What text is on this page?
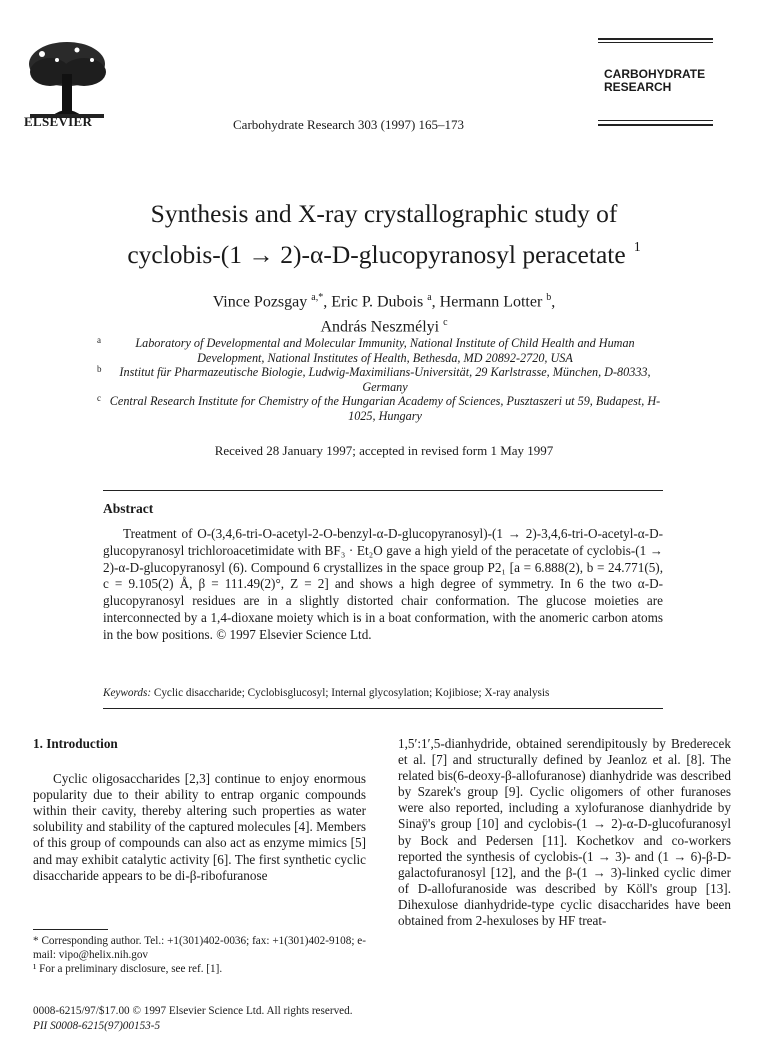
ELSEVIER	Carbohydrate Research 303 (1997) 165–173
CARBOHYDRATE
RESEARCH
Synthesis and X-ray crystallographic study of
cyclobis-(1 → 2)-α-D-glucopyranosyl peracetate $^1$
Vince Pozsgay $^{a,*}$, Eric P. Dubois $^a$, Hermann Lotter $^b$,
András Neszmélyi $^c$
a	Laboratory of Developmental and Molecular Immunity, National Institute of Child Health and Human Development, National Institutes of Health, Bethesda, MD 20892-2720, USA
b Institut für Pharmazeutische Biologie, Ludwig-Maximilians-Universität, 29 Karlstrasse, München, D-80333, Germany
c Central Research Institute for Chemistry of the Hungarian Academy of Sciences, Pusztaszeri ut 59, Budapest, H-1025, Hungary
Received 28 January 1997; accepted in revised form 1 May 1997
Abstract

Treatment of O-(3,4,6-tri-O-acetyl-2-O-benzyl-α-D-glucopyranosyl)-(1 → 2)-3,4,6-tri-O-acetyl-α-D-glucopyranosyl trichloroacetimidate with BF₃ · Et₂O gave a high yield of the peracetate of cyclobis-(1 → 2)-α-D-glucopyranosyl (6). Compound 6 crystallizes in the space group P2₁ [a = 6.888(2), b = 24.771(5), c = 9.105(2) Å, β = 111.49(2)°, Z = 2] and shows a high degree of symmetry. In 6 the two α-D-glucopyranosyl residues are in a slightly distorted chair conformation. The glucose moieties are interconnected by a 1,4-dioxane moiety which is in a boat conformation, with the anomeric carbon atoms in the bow positions. © 1997 Elsevier Science Ltd.

Keywords: Cyclic disaccharide; Cyclobisglucosyl; Internal glycosylation; Kojibiose; X-ray analysis

1. Introduction

Cyclic oligosaccharides [2,3] continue to enjoy enormous popularity due to their ability to entrap organic compounds within their cavity, thereby altering such properties as water solubility and stability of the captured molecules [4]. Members of this group of compounds can also act as enzyme mimics [5] and may exhibit catalytic activity [6]. The first synthetic cyclic disaccharide appears to be di-β-ribofuranose

* Corresponding author. Tel.: +1(301)402-0036; fax: +1(301)402-9108; e-mail: vipo@helix.nih.gov
¹ For a preliminary disclosure, see ref. [1].

1,5′:1′,5-dianhydride, obtained serendipitously by Brederecek et al. [7] and structurally defined by Jeanloz et al. [8]. The related bis(6-deoxy-β-allofuranose) dianhydride was described by Szarek's group [9]. Cyclic oligomers of other furanoses were also reported, including a xylofuranose dianhydride by Sinaÿ's group [10] and cyclobis-(1 → 2)-α-D-glucofuranosyl by Bock and Pedersen [11]. Kochetkov and co-workers reported the synthesis of cyclobis-(1 → 3)- and (1 → 6)-β-D-galactofuranosyl [12], and the β-(1 → 3)-linked cyclic dimer of D-allofuranoside was described by Köll's group [13]. Dihexulose dianhydride-type cyclic disaccharides have been obtained from 2-hexuloses by HF treat-

0008-6215/97/$17.00 © 1997 Elsevier Science Ltd. All rights reserved.
PII S0008-6215(97)00153-5
